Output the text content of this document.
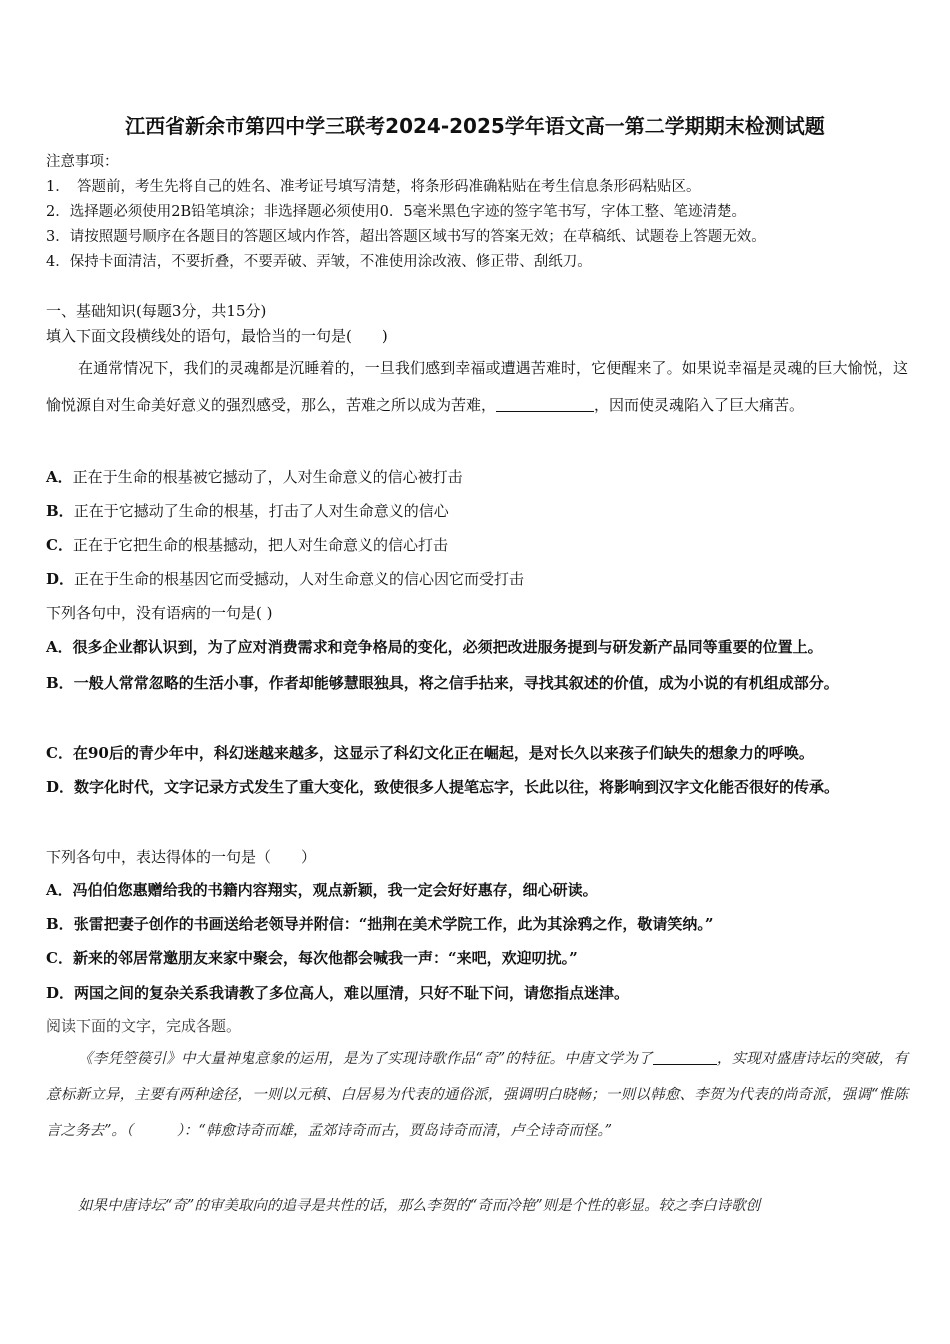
江西省新余市第四中学三联考2024-2025学年语文高一第二学期期末检测试题
注意事项：
1．　答题前，考生先将自己的姓名、准考证号填写清楚，将条形码准确粘贴在考生信息条形码粘贴区。
2．选择题必须使用2B铅笔填涂；非选择题必须使用0．5毫米黑色字迹的签字笔书写，字体工整、笔迹清楚。
3．请按照题号顺序在各题目的答题区域内作答，超出答题区域书写的答案无效；在草稿纸、试题卷上答题无效。
4．保持卡面清洁，不要折叠，不要弄破、弄皱，不准使用涂改液、修正带、刮纸刀。
一、基础知识(每题3分，共15分)
填入下面文段横线处的语句，最恰当的一句是(　　)
在通常情况下，我们的灵魂都是沉睡着的，一旦我们感到幸福或遭遇苦难时，它便醒来了。如果说幸福是灵魂的巨大愉悦，这愉悦源自对生命美好意义的强烈感受，那么，苦难之所以成为苦难，	，因而使灵魂陷入了巨大痛苦。
A．正在于生命的根基被它撼动了，人对生命意义的信心被打击
B．正在于它撼动了生命的根基，打击了人对生命意义的信心
C．正在于它把生命的根基撼动，把人对生命意义的信心打击
D．正在于生命的根基因它而受撼动，人对生命意义的信心因它而受打击
下列各句中，没有语病的一句是( )
A．很多企业都认识到，为了应对消费需求和竞争格局的变化，必须把改进服务提到与研发新产品同等重要的位置上。
B．一般人常常忽略的生活小事，作者却能够慧眼独具，将之信手拈来，寻找其叙述的价值，成为小说的有机组成部分。
C．在90后的青少年中，科幻迷越来越多，这显示了科幻文化正在崛起，是对长久以来孩子们缺失的想象力的呼唤。
D．数字化时代，文字记录方式发生了重大变化，致使很多人提笔忘字，长此以往，将影响到汉字文化能否很好的传承。
下列各句中，表达得体的一句是（　　）
A．冯伯伯您惠赠给我的书籍内容翔实，观点新颖，我一定会好好惠存，细心研读。
B．张雷把妻子创作的书画送给老领导并附信：“拙荆在美术学院工作，此为其涂鸦之作，敬请笑纳。”
C．新来的邻居常邀朋友来家中聚会，每次他都会喊我一声：“来吧，欢迎叨扰。”
D．两国之间的复杂关系我请教了多位高人，难以厘清，只好不耻下问，请您指点迷津。
阅读下面的文字，完成各题。
《李凭箜篌引》中大量神鬼意象的运用，是为了实现诗歌作品“奇”的特征。中唐文学为了	，实现对盛唐诗坛的突破，有意标新立异，主要有两种途径，一则以元稹、白居易为代表的通俗派，强调明白晓畅；一则以韩愈、李贺为代表的尚奇派，强调“惟陈言之务去”。（　　　）：“韩愈诗奇而雄，孟郊诗奇而古，贾岛诗奇而清，卢仝诗奇而怪。”
如果中唐诗坛“奇”的审美取向的追寻是共性的话，那么李贺的“奇而冷艳”则是个性的彰显。较之李白诗歌创
